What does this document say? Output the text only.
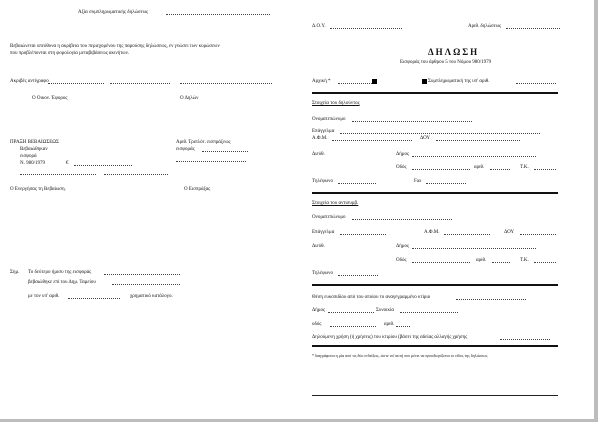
Αξία συμπληρωματικής δηλώσεως
Βεβαιώνεται υπεύθυνα η ακρίβεια του περιεχομένου της παρούσης δηλώσεως, εν γνώσει των κυρώσεων
που προβλέπονται στη φορολογία μεταβιβάσεως ακινήτων.
Ακριβές αντίγραφο
Ο Οικον. Έφορος	Ο Δηλών
ΠΡΑΞΗ ΒΕΒΑΙΩΣΕΩΣ
Βεβαιώθηκαν
εισφορά
Ν. 980/1979	€
Αριθ. Τριπλότ. εισπράξεως
εισφοράς
Ο Ενεργήσας τη Βεβαίωση.	Ο Εισπράξας
Σημ. Το δεύτερο ήμισυ της εισφοράς
βεβαιώθηκε επί του Δημ. Ταμείου
με τον υπ' αριθ.	χρηματικό κατάλογο.
Δ.Ο.Υ.	Αριθ. δηλώσεως
ΔΗΛΩΣΗ
Εισφοράς του άρθρου 5 του Νόμου 980/1979
Αρχική *	Συμπληρωματική της υπ' αριθ.
Στοιχεία του δηλούντος
Ονοματεπώνυμο
Επάγγελμα
Α.Φ.Μ.	ΔΟΥ
Διεύθ.	Δήμος
Οδός	αριθ.	Τ.Κ.
Τηλέφωνο	Fax
Στοιχεία του αντισυμβ.
Ονοματεπώνυμο
Επάγγελμα	Α.Φ.Μ.	ΔΟΥ
Διεύθ.	Δήμος
Οδός	αριθ.	Τ.Κ.
Τηλέφωνο
Θέση ευκοπιδίου από του οποίου το αναγεγραμμένο κτίριο
Δήμος	Συνοικία
οδός	αριθ.
Δηλούμενη χρήση (ή χρήσεις) του κτιρίου (βάσει της αδείας αλλαγής χρήσης
* διαγράφεται η μία από τις δύο ενδείξεις, ώστε να' αυτή που μένει να προσδιορίζεται το είδος της δηλώσεως
